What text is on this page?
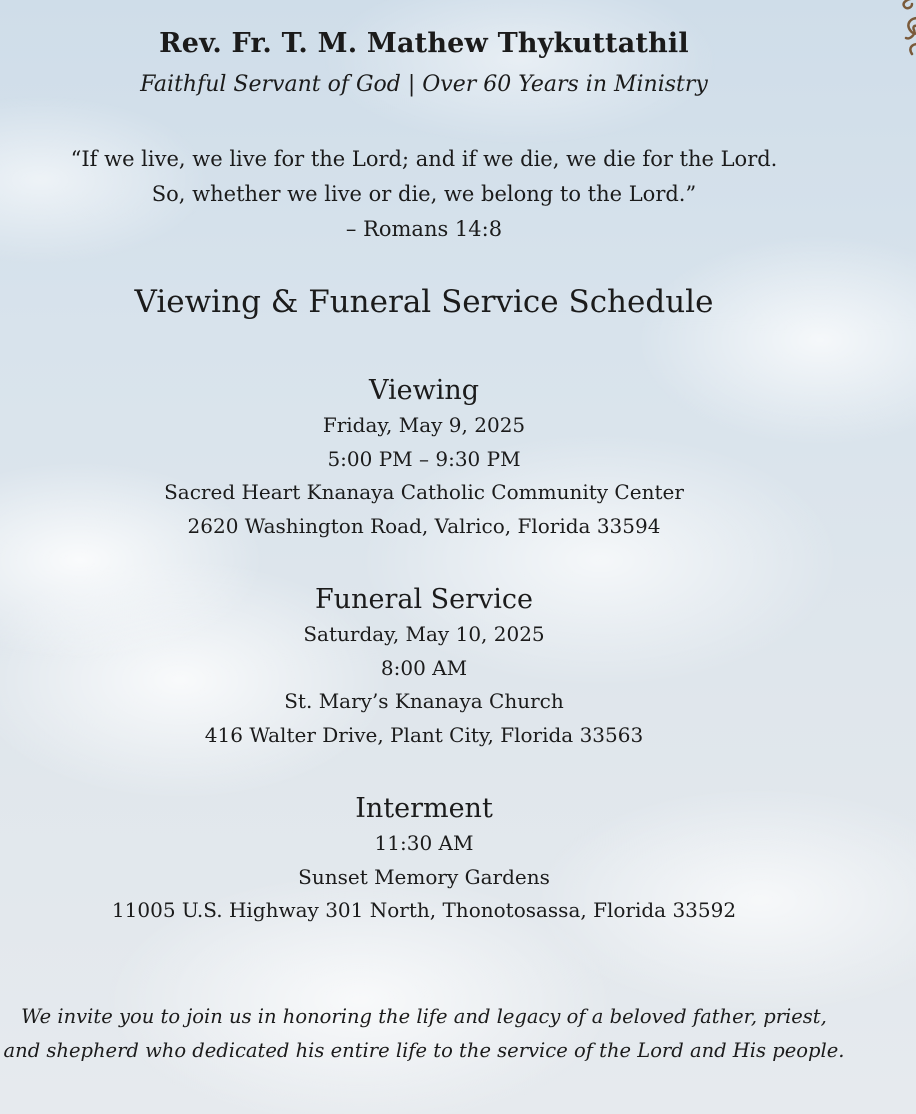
Rev. Fr. T. M. Mathew Thykuttathil
Faithful Servant of God | Over 60 Years in Ministry
“If we live, we live for the Lord; and if we die, we die for the Lord.
So, whether we live or die, we belong to the Lord.”
– Romans 14:8
Viewing & Funeral Service Schedule
Viewing
Friday, May 9, 2025
5:00 PM – 9:30 PM
Sacred Heart Knanaya Catholic Community Center
2620 Washington Road, Valrico, Florida 33594
Funeral Service
Saturday, May 10, 2025
8:00 AM
St. Mary’s Knanaya Church
416 Walter Drive, Plant City, Florida 33563
Interment
11:30 AM
Sunset Memory Gardens
11005 U.S. Highway 301 North, Thonotosassa, Florida 33592
We invite you to join us in honoring the life and legacy of a beloved father, priest,
and shepherd who dedicated his entire life to the service of the Lord and His people.
